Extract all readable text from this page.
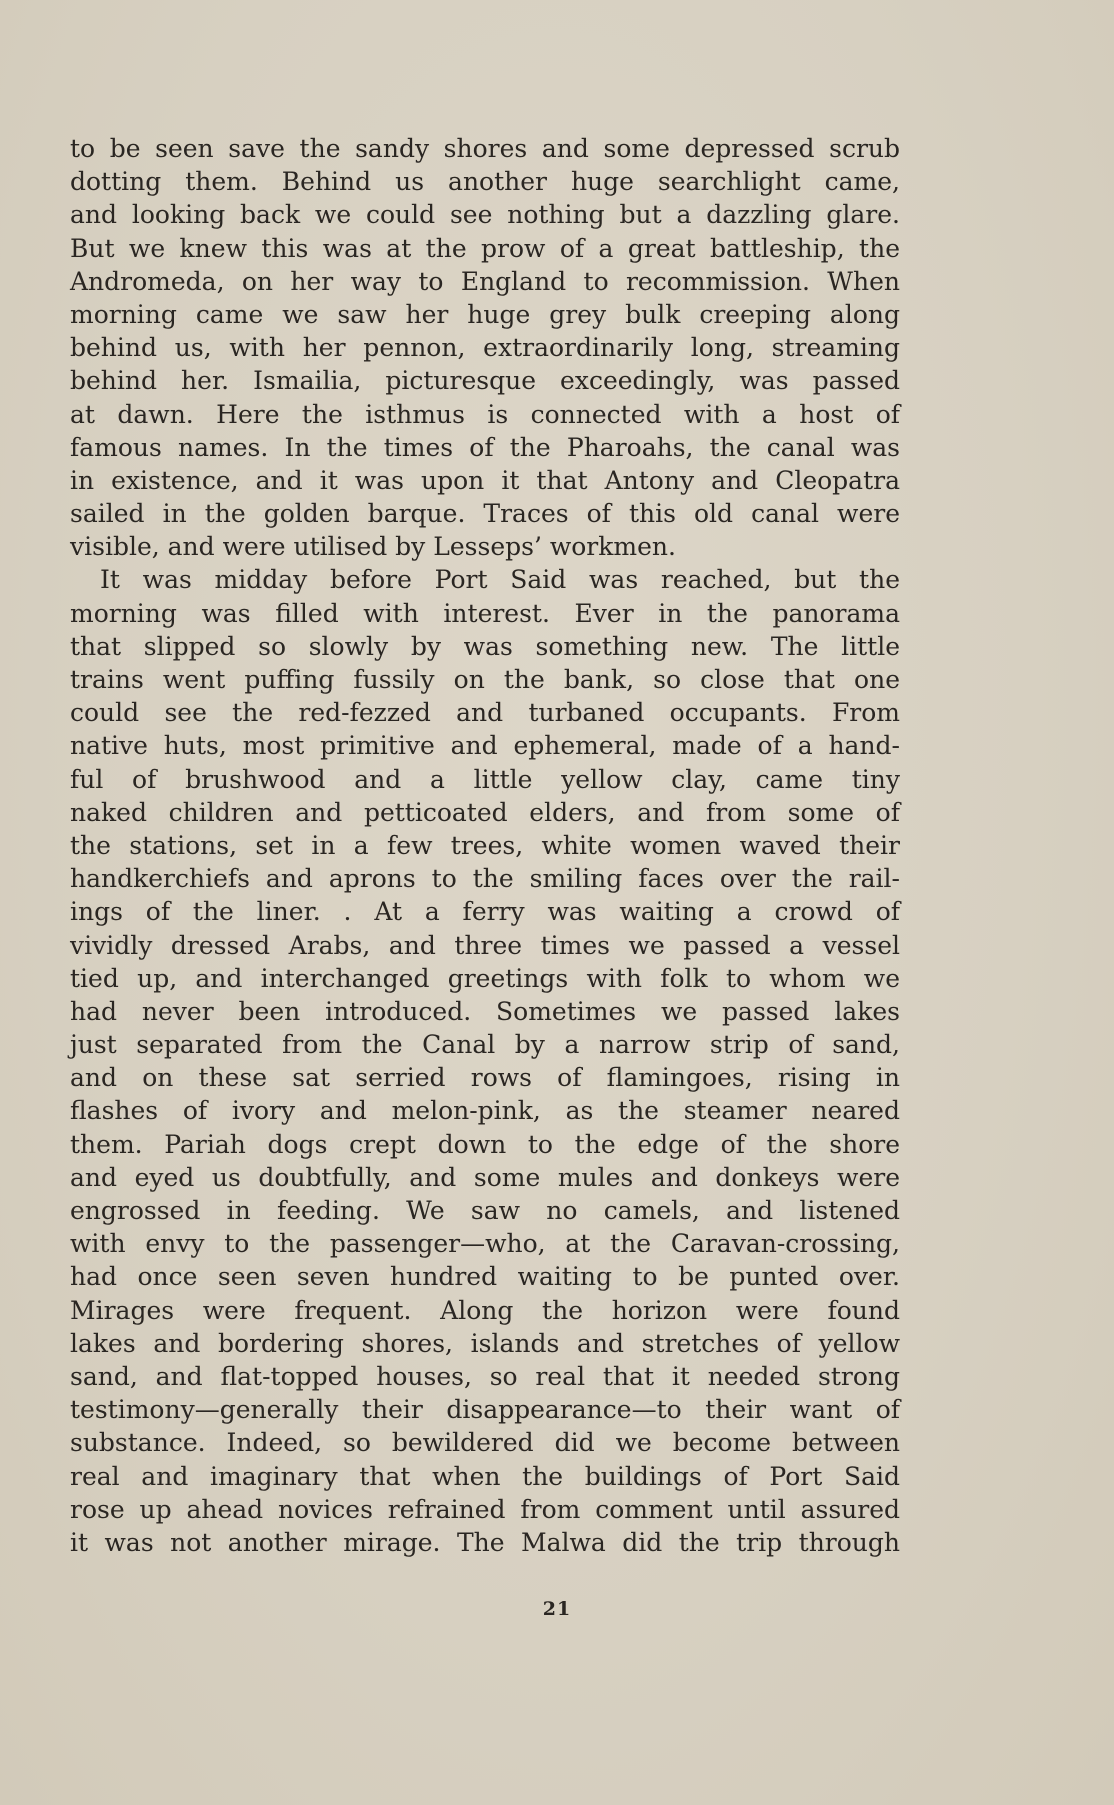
to be seen save the sandy shores and some depressed scrub
dotting them. Behind us another huge searchlight came,
and looking back we could see nothing but a dazzling glare.
But we knew this was at the prow of a great battleship, the
Andromeda, on her way to England to recommission. When
morning came we saw her huge grey bulk creeping along
behind us, with her pennon, extraordinarily long, streaming
behind her. Ismailia, picturesque exceedingly, was passed
at dawn. Here the isthmus is connected with a host of
famous names. In the times of the Pharoahs, the canal was
in existence, and it was upon it that Antony and Cleopatra
sailed in the golden barque. Traces of this old canal were
visible, and were utilised by Lesseps’ workmen.
It was midday before Port Said was reached, but the
morning was filled with interest. Ever in the panorama
that slipped so slowly by was something new. The little
trains went puffing fussily on the bank, so close that one
could see the red-fezzed and turbaned occupants. From
native huts, most primitive and ephemeral, made of a hand-
ful of brushwood and a little yellow clay, came tiny
naked children and petticoated elders, and from some of
the stations, set in a few trees, white women waved their
handkerchiefs and aprons to the smiling faces over the rail-
ings of the liner. . At a ferry was waiting a crowd of
vividly dressed Arabs, and three times we passed a vessel
tied up, and interchanged greetings with folk to whom we
had never been introduced. Sometimes we passed lakes
just separated from the Canal by a narrow strip of sand,
and on these sat serried rows of flamingoes, rising in
flashes of ivory and melon-pink, as the steamer neared
them. Pariah dogs crept down to the edge of the shore
and eyed us doubtfully, and some mules and donkeys were
engrossed in feeding. We saw no camels, and listened
with envy to the passenger—who, at the Caravan-crossing,
had once seen seven hundred waiting to be punted over.
Mirages were frequent. Along the horizon were found
lakes and bordering shores, islands and stretches of yellow
sand, and flat-topped houses, so real that it needed strong
testimony—generally their disappearance—to their want of
substance. Indeed, so bewildered did we become between
real and imaginary that when the buildings of Port Said
rose up ahead novices refrained from comment until assured
it was not another mirage. The Malwa did the trip through
21
